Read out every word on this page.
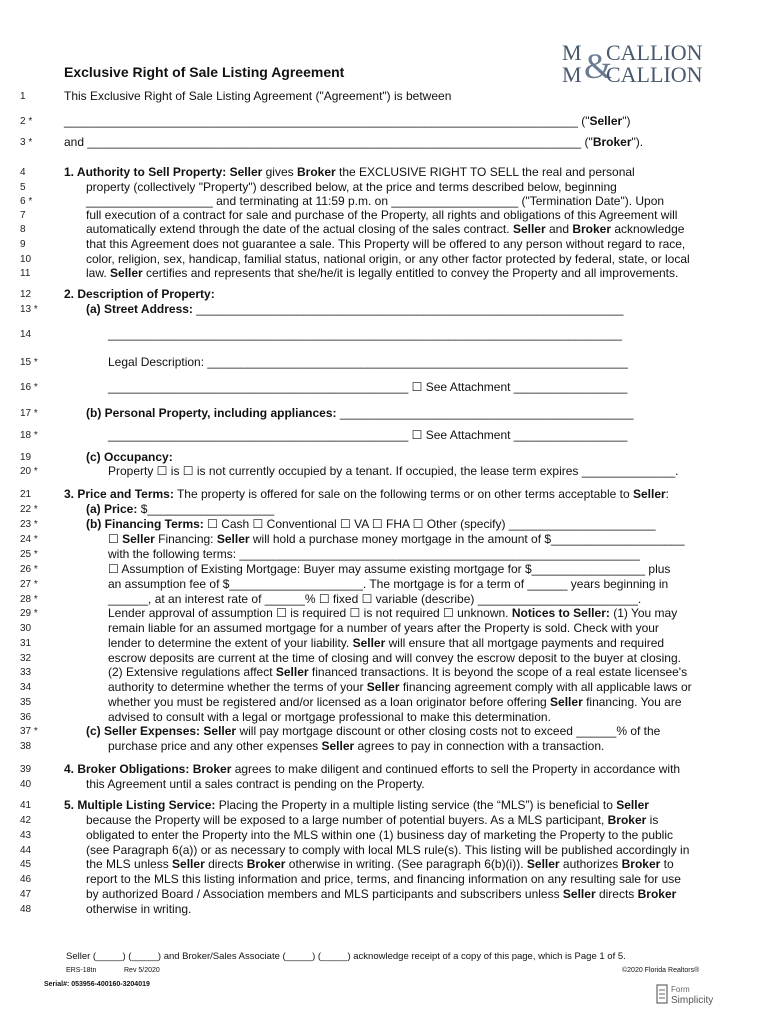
M &
CALLION
M CALLION
Exclusive Right of Sale Listing Agreement
1	This Exclusive Right of Sale Listing Agreement ("Agreement") is between
2 *	_____________________________________________________________________________ ("Seller")
3 *	and __________________________________________________________________________ ("Broker").
4	1. Authority to Sell Property: Seller gives Broker the EXCLUSIVE RIGHT TO SELL the real and personal
5	property (collectively "Property") described below, at the price and terms described below, beginning
6 *	___________________ and terminating at 11:59 p.m. on ___________________ ("Termination Date"). Upon
7	full execution of a contract for sale and purchase of the Property, all rights and obligations of this Agreement will
8	automatically extend through the date of the actual closing of the sales contract. Seller and Broker acknowledge
9	that this Agreement does not guarantee a sale. This Property will be offered to any person without regard to race,
10	color, religion, sex, handicap, familial status, national origin, or any other factor protected by federal, state, or local
11	law. Seller certifies and represents that she/he/it is legally entitled to convey the Property and all improvements.
12	2. Description of Property:
13 *	(a) Street Address: ________________________________________________________________
14	_____________________________________________________________________________
15 *	Legal Description: _______________________________________________________________
16 *	_____________________________________________ ☐ See Attachment _________________
17 *	(b) Personal Property, including appliances: ____________________________________________
18 *	_____________________________________________ ☐ See Attachment _________________
19	(c) Occupancy:
20 *	Property ☐ is ☐ is not currently occupied by a tenant. If occupied, the lease term expires ______________.
21	3. Price and Terms: The property is offered for sale on the following terms or on other terms acceptable to Seller:
22 *	(a) Price: $___________________
23 *	(b) Financing Terms: ☐ Cash ☐ Conventional ☐ VA ☐ FHA ☐ Other (specify) ______________________
24 *	☐ Seller Financing: Seller will hold a purchase money mortgage in the amount of $____________________
25 *	with the following terms: ____________________________________________________________
26 *	☐ Assumption of Existing Mortgage: Buyer may assume existing mortgage for $_________________ plus
27 *	an assumption fee of $____________________. The mortgage is for a term of ______ years beginning in
28 *	______, at an interest rate of ______% ☐ fixed ☐ variable (describe) ________________________.
29 *	Lender approval of assumption ☐ is required ☐ is not required ☐ unknown. Notices to Seller: (1) You may
30	remain liable for an assumed mortgage for a number of years after the Property is sold. Check with your
31	lender to determine the extent of your liability. Seller will ensure that all mortgage payments and required
32	escrow deposits are current at the time of closing and will convey the escrow deposit to the buyer at closing.
33	(2) Extensive regulations affect Seller financed transactions. It is beyond the scope of a real estate licensee's
34	authority to determine whether the terms of your Seller financing agreement comply with all applicable laws or
35	whether you must be registered and/or licensed as a loan originator before offering Seller financing. You are
36	advised to consult with a legal or mortgage professional to make this determination.
37 *	(c) Seller Expenses: Seller will pay mortgage discount or other closing costs not to exceed ______% of the
38	purchase price and any other expenses Seller agrees to pay in connection with a transaction.
39	4. Broker Obligations: Broker agrees to make diligent and continued efforts to sell the Property in accordance with
40	this Agreement until a sales contract is pending on the Property.
41	5. Multiple Listing Service: Placing the Property in a multiple listing service (the “MLS”) is beneficial to Seller
42	because the Property will be exposed to a large number of potential buyers. As a MLS participant, Broker is
43	obligated to enter the Property into the MLS within one (1) business day of marketing the Property to the public
44	(see Paragraph 6(a)) or as necessary to comply with local MLS rule(s). This listing will be published accordingly in
45	the MLS unless Seller directs Broker otherwise in writing. (See paragraph 6(b)(i)). Seller authorizes Broker to
46	report to the MLS this listing information and price, terms, and financing information on any resulting sale for use
47	by authorized Board / Association members and MLS participants and subscribers unless Seller directs Broker
48	otherwise in writing.
Seller (_____) (_____) and Broker/Sales Associate (_____) (_____) acknowledge receipt of a copy of this page, which is Page 1 of 5.
ERS-18tn	Rev 5/2020	©2020 Florida Realtors®
Serial#: 053956-400160-3204019
Form
Simplicity
